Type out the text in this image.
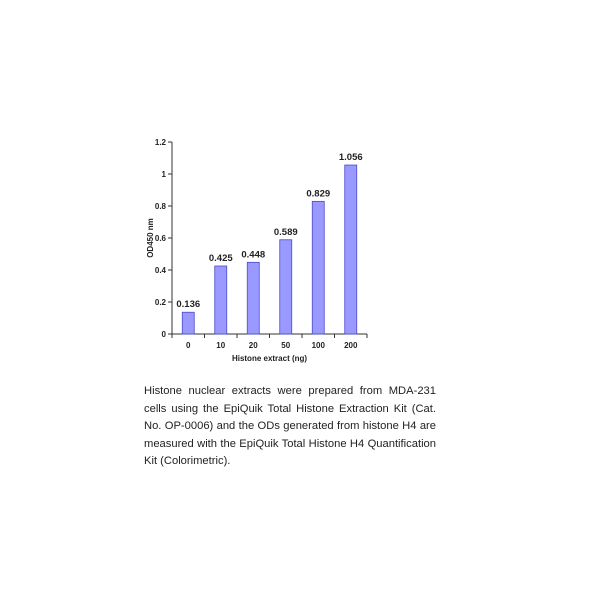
0
0.2
0.4
0.6
0.8
1
1.2
0	10	20	50	100 200
0.136
0.425 0.448
0.589
0.829
1.056
Histone extract (ng)
OD450 nm

Histone nuclear extracts were prepared from MDA-231 cells using the EpiQuik Total Histone Extraction Kit (Cat. No. OP-0006) and the ODs generated from histone H4 are measured with the EpiQuik Total Histone H4 Quantification Kit (Colorimetric).
